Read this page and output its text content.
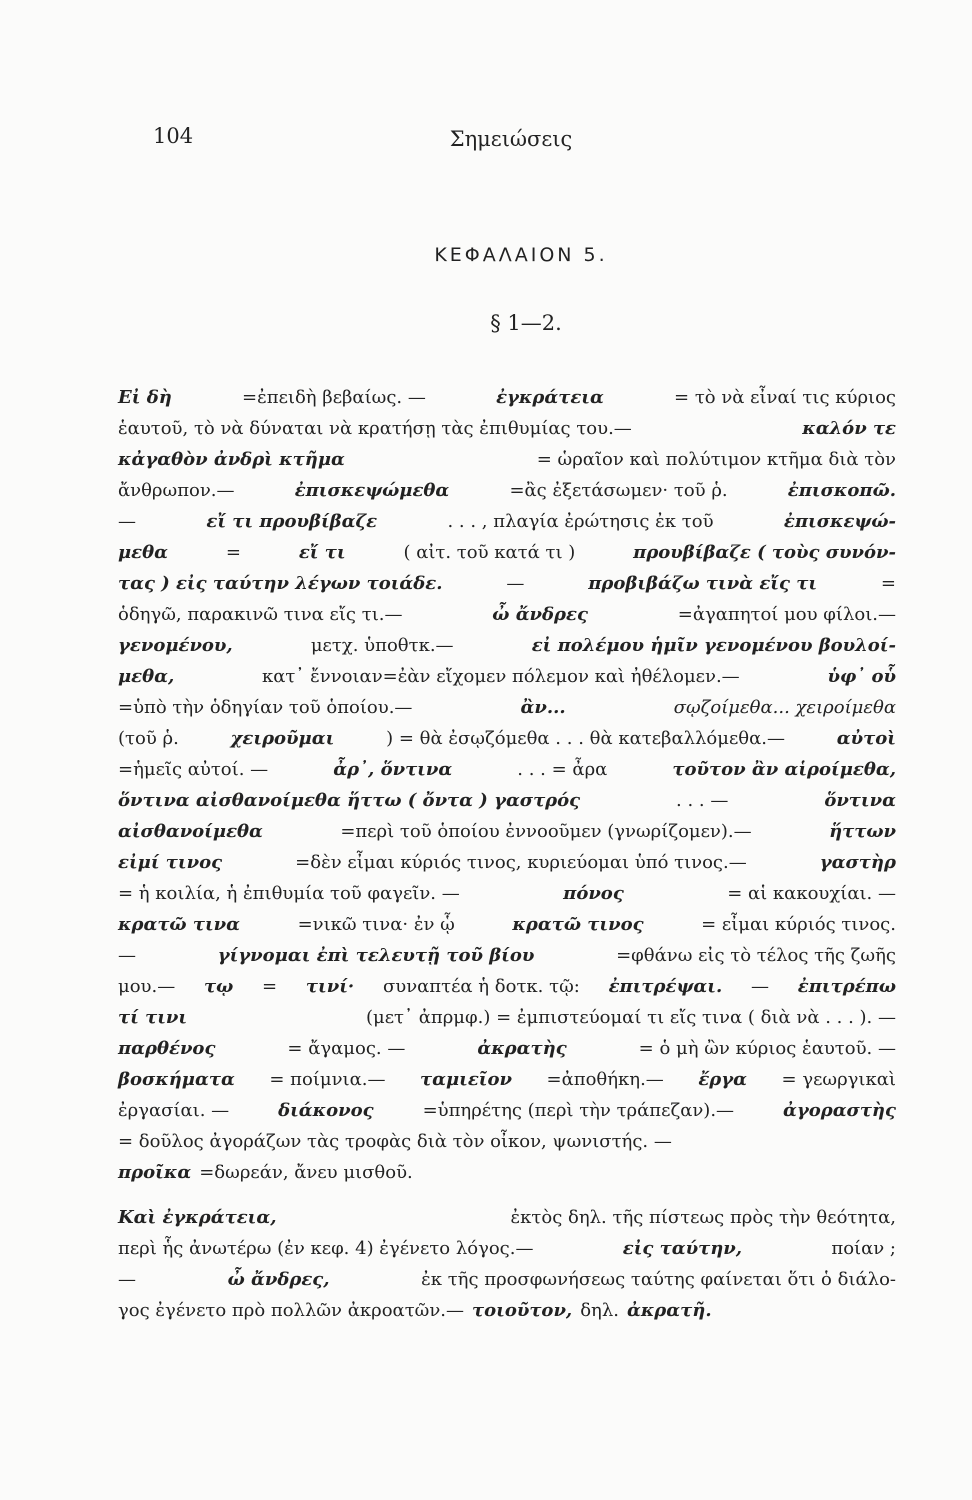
104	Σημειώσεις
ΚΕΦΑΛΑΙΟΝ 5.
§ 1—2.
Εἰ δὴ	=ἐπειδὴ βεβαίως. —	ἐγκράτεια	= τὸ νὰ εἶναί τις κύριος
ἑαυτοῦ, τὸ νὰ δύναται νὰ κρατήσῃ τὰς ἐπιθυμίας του.—	καλόν τε
κἀγαθὸν ἀνδρὶ κτῆμα	= ὡραῖον καὶ πολύτιμον κτῆμα διὰ τὸν
ἄνθρωπον.—	ἐπισκεψώμεθα	=ἂς ἐξετάσωμεν· τοῦ ῥ.	ἐπισκοπῶ.
—	εἴ τι προυβίβαζε	. . . , πλαγία ἐρώτησις ἐκ τοῦ	ἐπισκεψώ-
μεθα	=	εἴ τι	( αἰτ. τοῦ κατά τι )	προυβίβαζε ( τοὺς συνόν-
τας ) εἰς ταύτην λέγων τοιάδε.	—	προβιβάζω τινὰ εἴς τι	=
ὁδηγῶ, παρακινῶ τινα εἴς τι.—	ὦ ἄνδρες	=ἀγαπητοί μου φίλοι.—
γενομένου,	μετχ. ὑποθτκ.—	εἰ πολέμου ἡμῖν γενομένου βουλοί-
μεθα,	κατ᾿ ἔννοιαν=ἐὰν εἴχομεν πόλεμον καὶ ἠθέλομεν.—	ὑφ᾿ οὗ
=ὑπὸ τὴν ὁδηγίαν τοῦ ὁποίου.—	ἂν...	σῳζοίμεθα... χειροίμεθα
(τοῦ ῥ.	χειροῦμαι	) = θὰ ἐσῳζόμεθα . . . θὰ κατεβαλλόμεθα.—	αὐτοὶ
=ἡμεῖς αὐτοί. —	ἆρ᾿, ὅντινα	. . . = ἆρα	τοῦτον ἂν αἱροίμεθα,
ὅντινα αἰσθανοίμεθα ἥττω ( ὄντα ) γαστρός	. . . —	ὅντινα
αἰσθανοίμεθα	=περὶ τοῦ ὁποίου ἐννοοῦμεν (γνωρίζομεν).—	ἥττων
εἰμί τινος	=δὲν εἶμαι κύριός τινος, κυριεύομαι ὑπό τινος.—	γαστὴρ
= ἡ κοιλία, ἡ ἐπιθυμία τοῦ φαγεῖν. —	πόνος	= αἱ κακουχίαι. —
κρατῶ τινα	=νικῶ τινα· ἐν ᾧ	κρατῶ τινος	= εἶμαι κύριός τινος.
—	γίγνομαι ἐπὶ τελευτῇ τοῦ βίου	=φθάνω εἰς τὸ τέλος τῆς ζωῆς
μου.— τῳ = τινί· συναπτέα ἡ δοτκ. τῷ: ἐπιτρέψαι. — ἐπιτρέπω
τί τινι	(μετ᾿ ἀπρμφ.) = ἐμπιστεύομαί τι εἴς τινα ( διὰ νὰ . . . ). —
παρθένος	= ἄγαμος. —	ἀκρατὴς	= ὁ μὴ ὢν κύριος ἑαυτοῦ. —
βοσκήματα = ποίμνια.— ταμιεῖον =ἀποθήκη.— ἔργα = γεωργικαὶ
ἐργασίαι. —	διάκονος	=ὑπηρέτης (περὶ τὴν τράπεζαν).—	ἀγοραστὴς
= δοῦλος ἀγοράζων τὰς τροφὰς διὰ τὸν οἶκον, ψωνιστής. —
προῖκα =δωρεάν, ἄνευ μισθοῦ.
Καὶ ἐγκράτεια,	ἐκτὸς δηλ. τῆς πίστεως πρὸς τὴν θεότητα,
περὶ ἧς ἀνωτέρω (ἐν κεφ. 4) ἐγένετο λόγος.—	εἰς ταύτην,	ποίαν ;
—	ὦ ἄνδρες,	ἐκ τῆς προσφωνήσεως ταύτης φαίνεται ὅτι ὁ διάλο-
γος ἐγένετο πρὸ πολλῶν ἀκροατῶν.— τοιοῦτον, δηλ. ἀκρατῆ.
